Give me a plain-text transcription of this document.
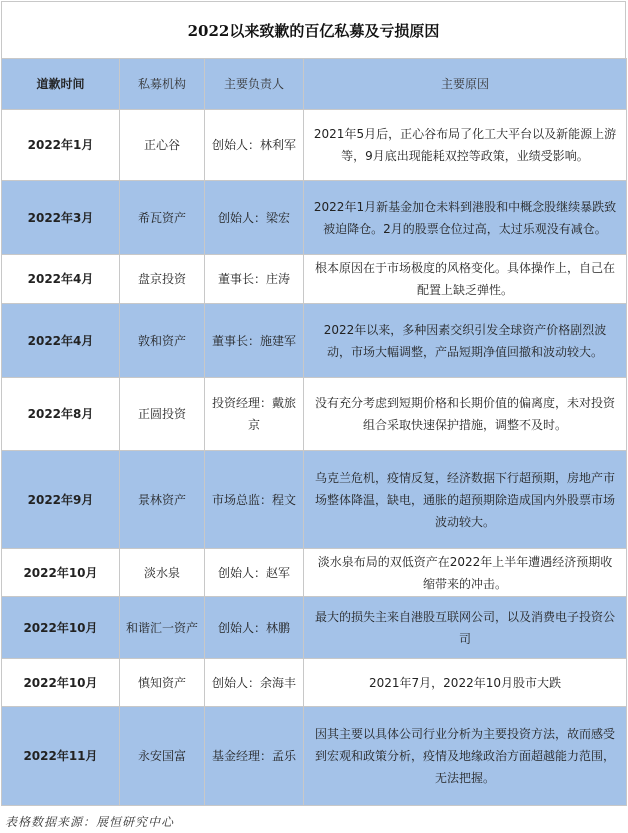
2022以来致歉的百亿私募及亏损原因
道歉时间	私募机构	主要负责人	主要原因
2022年1月	正心谷	创始人：林利军	2021年5月后，正心谷布局了化工大平台以及新能源上游等，9月底出现能耗双控等政策，业绩受影响。
2022年3月	希瓦资产	创始人：梁宏	2022年1月新基金加仓未料到港股和中概念股继续暴跌致被迫降仓。2月的股票仓位过高，太过乐观没有减仓。
2022年4月	盘京投资	董事长：庄涛	根本原因在于市场极度的风格变化。具体操作上，自己在配置上缺乏弹性。
2022年4月	敦和资产	董事长：施建军	2022年以来，多种因素交织引发全球资产价格剧烈波动，市场大幅调整，产品短期净值回撤和波动较大。
2022年8月	正圆投资	投资经理：戴旅京	没有充分考虑到短期价格和长期价值的偏离度，未对投资组合采取快速保护措施，调整不及时。
2022年9月	景林资产	市场总监：程文	乌克兰危机，疫情反复，经济数据下行超预期，房地产市场整体降温，缺电，通胀的超预期除造成国内外股票市场波动较大。
2022年10月	淡水泉	创始人：赵军	淡水泉布局的双低资产在2022年上半年遭遇经济预期收缩带来的冲击。
2022年10月	和谐汇一资产	创始人：林鹏	最大的损失主来自港股互联网公司，以及消费电子投资公司
2022年10月	慎知资产	创始人：余海丰	2021年7月，2022年10月股市大跌
2022年11月	永安国富	基金经理：孟乐	因其主要以具体公司行业分析为主要投资方法，故而感受到宏观和政策分析，疫情及地缘政治方面超越能力范围，无法把握。
表格数据来源：展恒研究中心
